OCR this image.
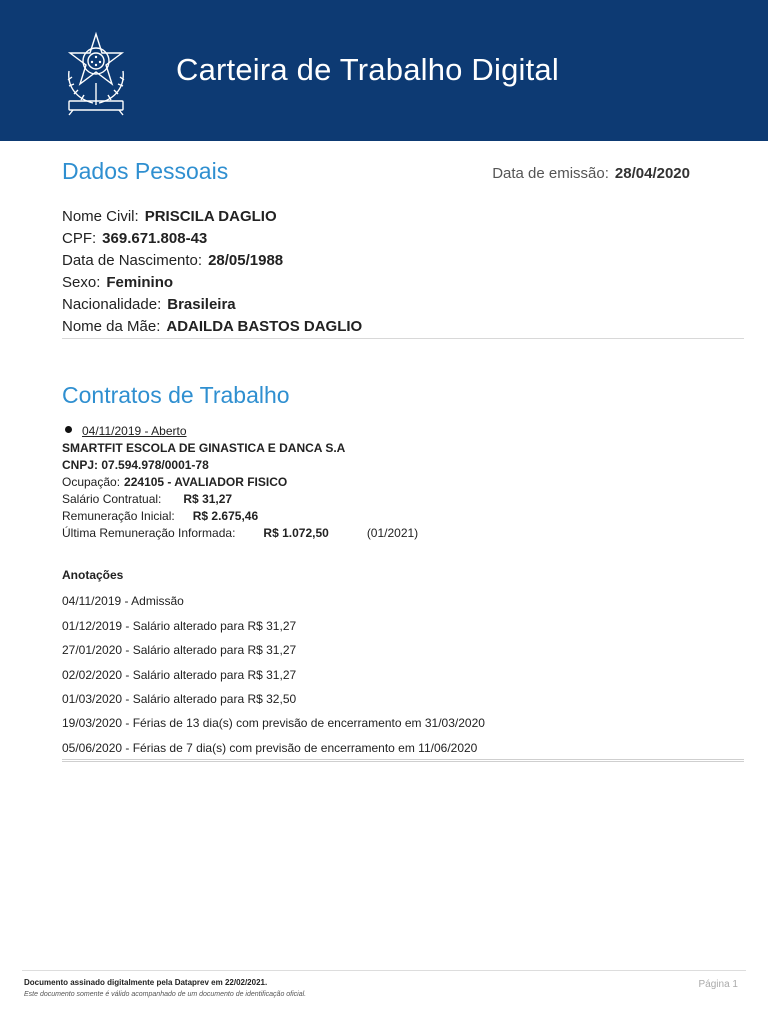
Carteira de Trabalho Digital
Dados Pessoais	Data de emissão: 28/04/2020
Nome Civil: PRISCILA DAGLIO
CPF: 369.671.808-43
Data de Nascimento: 28/05/1988
Sexo: Feminino
Nacionalidade: Brasileira
Nome da Mãe: ADAILDA BASTOS DAGLIO
Contratos de Trabalho
04/11/2019 - Aberto
SMARTFIT ESCOLA DE GINASTICA E DANCA S.A
CNPJ: 07.594.978/0001-78
Ocupação: 224105 - AVALIADOR FISICO
Salário Contratual: R$ 31,27
Remuneração Inicial: R$ 2.675,46
Última Remuneração Informada: R$ 1.072,50	(01/2021)
Anotações
04/11/2019 - Admissão
01/12/2019 - Salário alterado para R$ 31,27
27/01/2020 - Salário alterado para R$ 31,27
02/02/2020 - Salário alterado para R$ 31,27
01/03/2020 - Salário alterado para R$ 32,50
19/03/2020 - Férias de 13 dia(s) com previsão de encerramento em 31/03/2020
05/06/2020 - Férias de 7 dia(s) com previsão de encerramento em 11/06/2020
Documento assinado digitalmente pela Dataprev em 22/02/2021.
Este documento somente é válido acompanhado de um documento de identificação oficial.
Página 1
